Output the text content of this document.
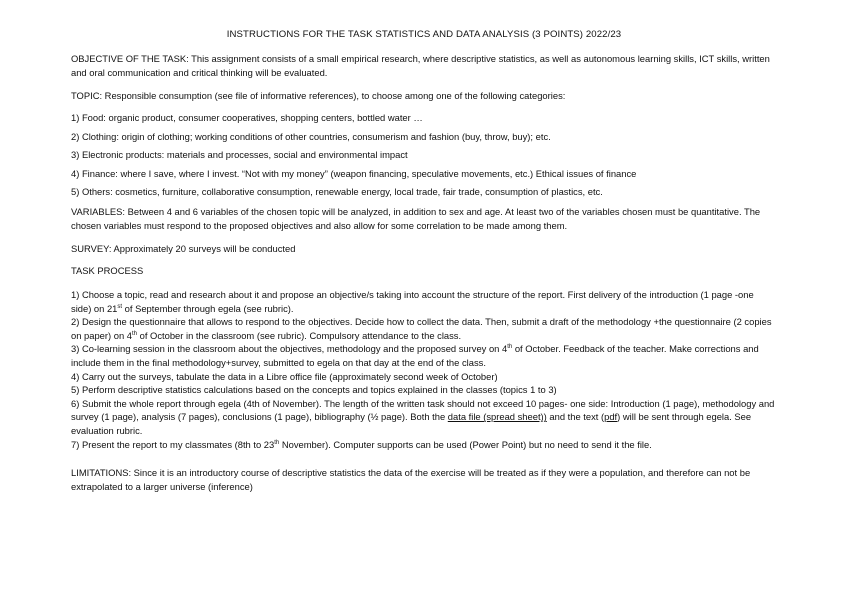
INSTRUCTIONS FOR THE TASK STATISTICS AND DATA ANALYSIS (3 POINTS) 2022/23
OBJECTIVE OF THE TASK: This assignment consists of a small empirical research, where descriptive statistics, as well as autonomous learning skills, ICT skills, written and oral communication and critical thinking will be evaluated.
TOPIC: Responsible consumption (see file of informative references), to choose among one of the following categories:
1) Food: organic product, consumer cooperatives, shopping centers, bottled water …
2) Clothing: origin of clothing; working conditions of other countries, consumerism and fashion (buy, throw, buy); etc.
3) Electronic products: materials and processes, social and environmental impact
4) Finance: where I save, where I invest. “Not with my money” (weapon financing, speculative movements, etc.) Ethical issues of finance
5) Others: cosmetics, furniture, collaborative consumption, renewable energy, local trade, fair trade, consumption of plastics, etc.
VARIABLES: Between 4 and 6 variables of the chosen topic will be analyzed, in addition to sex and age. At least two of the variables chosen must be quantitative. The chosen variables must respond to the proposed objectives and also allow for some correlation to be made among them.
SURVEY: Approximately 20 surveys will be conducted
TASK PROCESS
1) Choose a topic, read and research about it and propose an objective/s taking into account the structure of the report. First delivery of the introduction (1 page -one side) on 21st of September through egela (see rubric).
2) Design the questionnaire that allows to respond to the objectives. Decide how to collect the data. Then, submit a draft of the methodology +the questionnaire (2 copies on paper) on 4th of October in the classroom (see rubric). Compulsory attendance to the class.
3) Co-learning session in the classroom about the objectives, methodology and the proposed survey on 4th of October. Feedback of the teacher. Make corrections and include them in the final methodology+survey, submitted to egela on that day at the end of the class.
4) Carry out the surveys, tabulate the data in a Libre office file (approximately second week of October)
5) Perform descriptive statistics calculations based on the concepts and topics explained in the classes (topics 1 to 3)
6) Submit the whole report through egela (4th of November). The length of the written task should not exceed 10 pages- one side: Introduction (1 page), methodology and survey (1 page), analysis (7 pages), conclusions (1 page), bibliography (½ page). Both the data file (spread sheet)) and the text (pdf) will be sent through egela. See evaluation rubric.
7) Present the report to my classmates (8th to 23th November). Computer supports can be used (Power Point) but no need to send it the file.
LIMITATIONS: Since it is an introductory course of descriptive statistics the data of the exercise will be treated as if they were a population, and therefore can not be extrapolated to a larger universe (inference)
